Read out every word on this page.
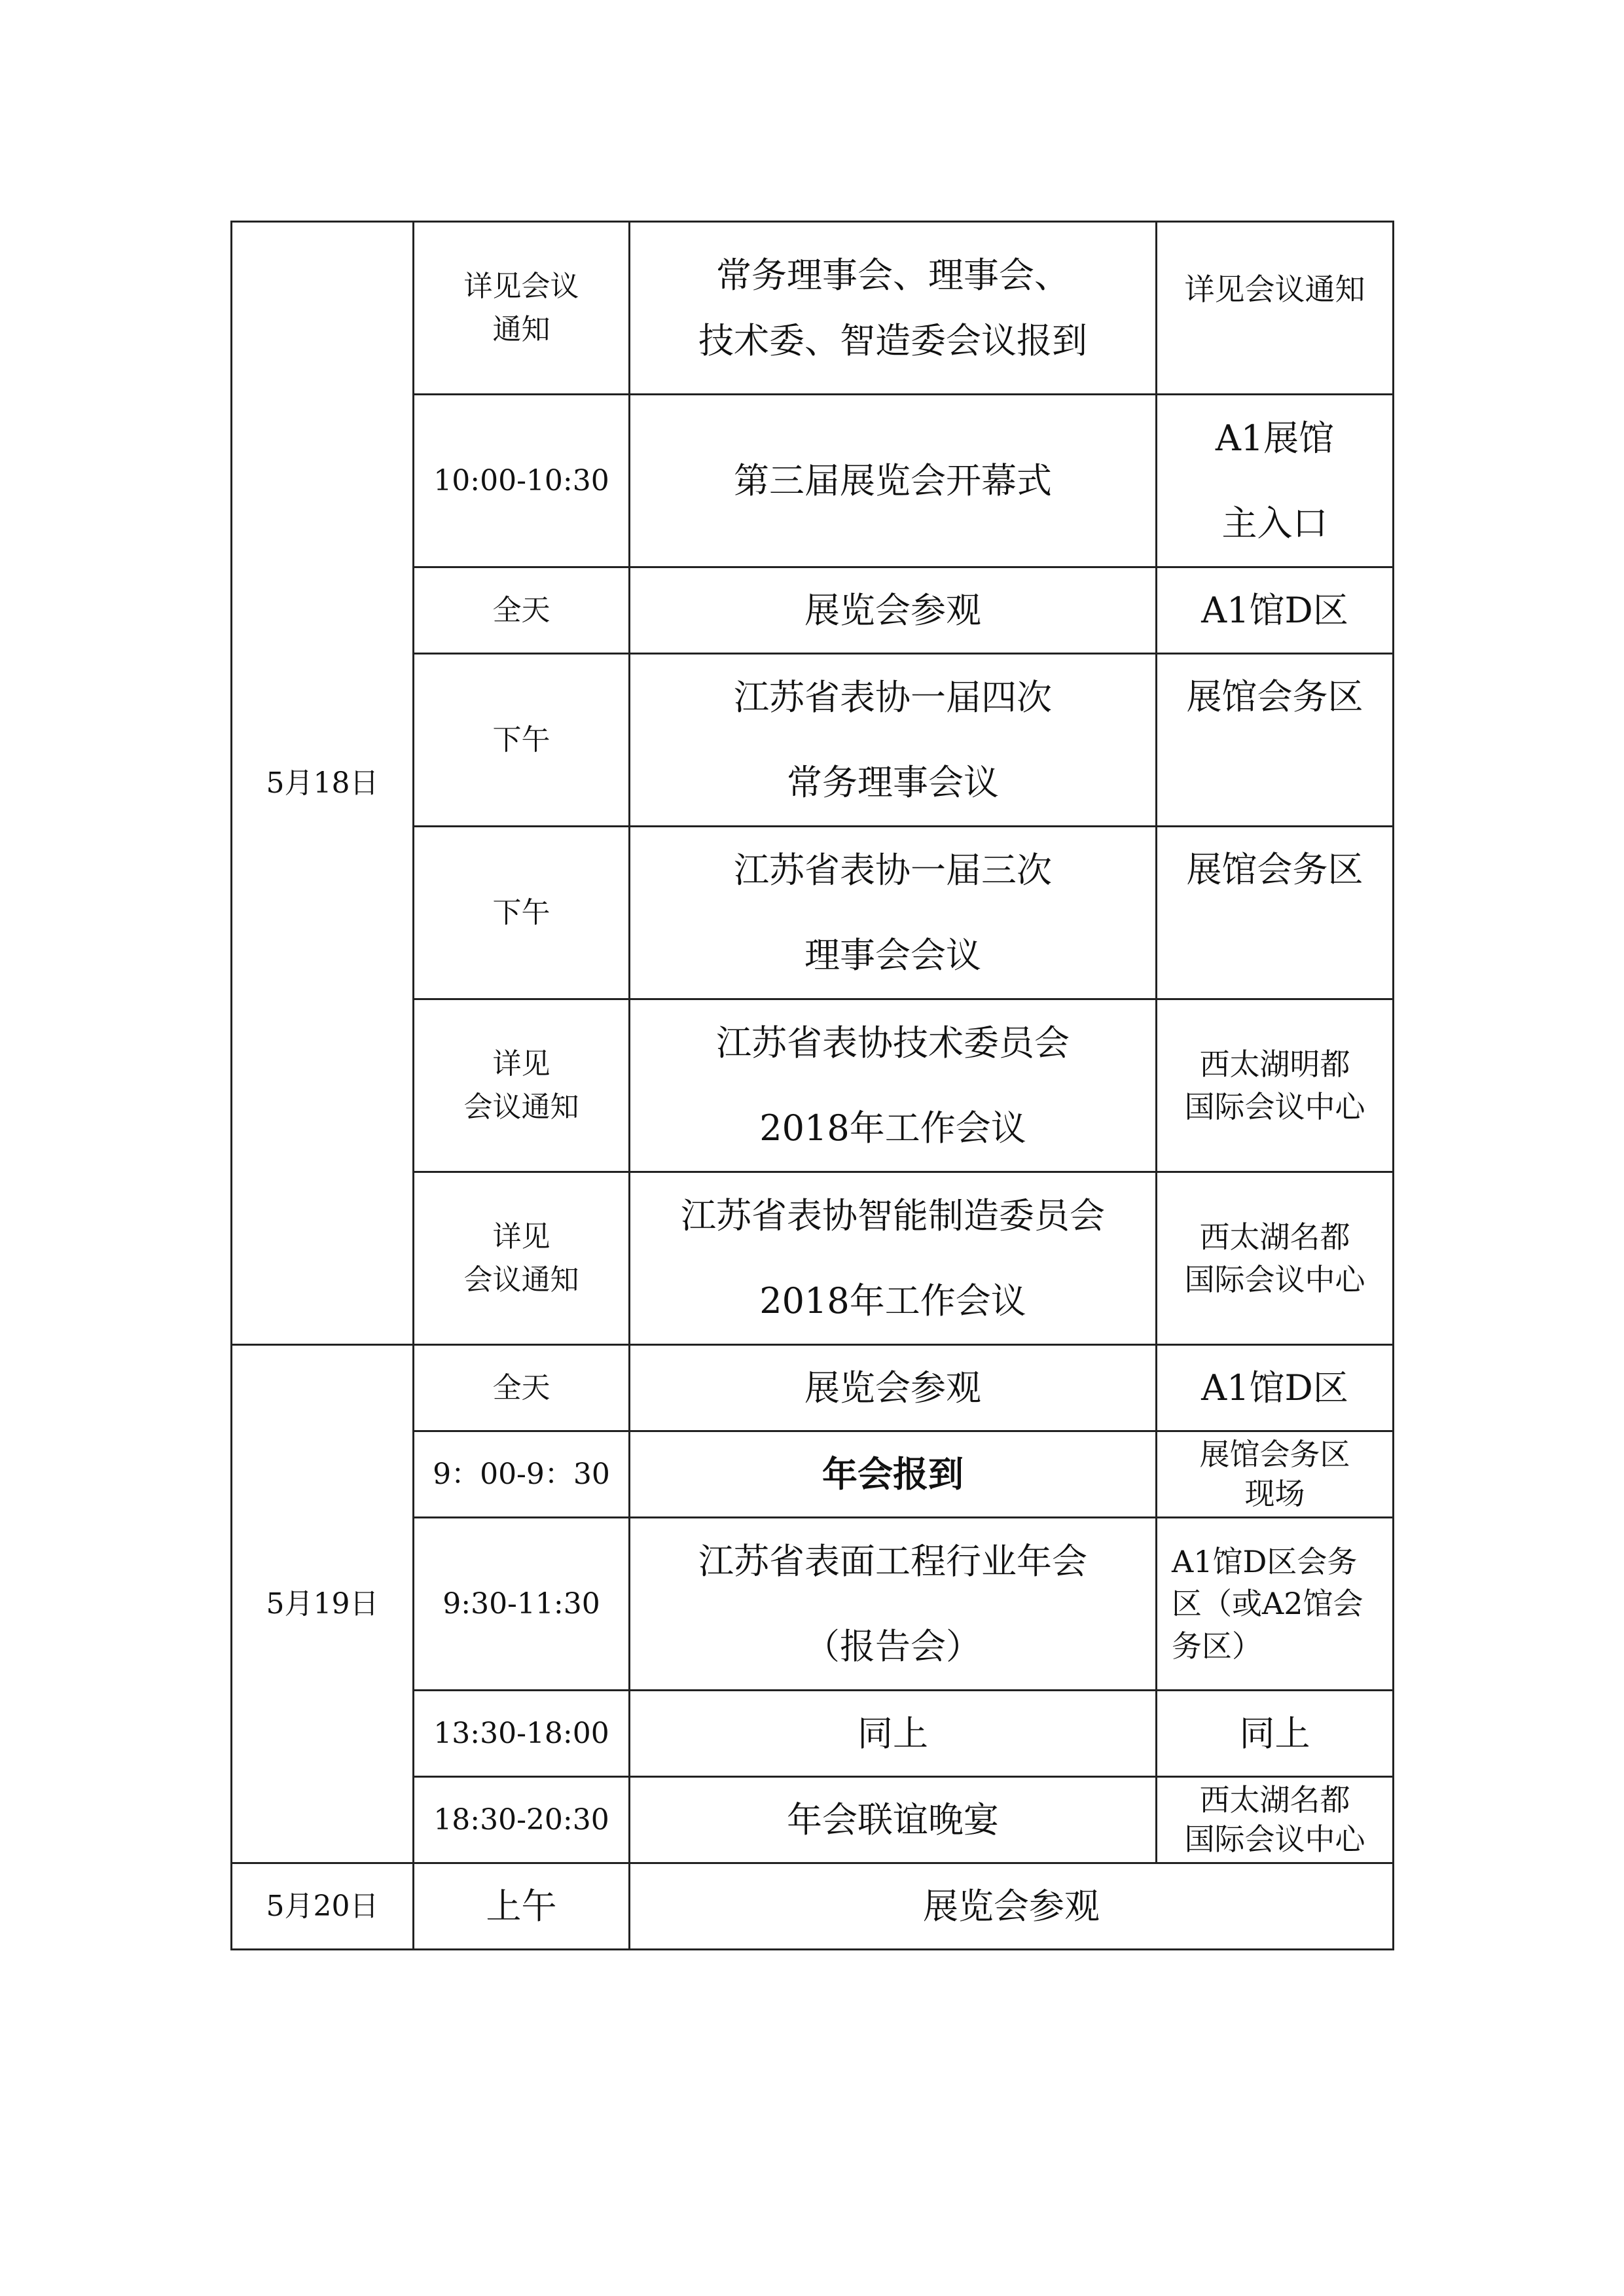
5月18日	详见会议
通知	常务理事会、理事会、
技术委、智造委会议报到	详见会议通知

	10:00-10:30	第三届展览会开幕式	A1展馆
主入口

	全天	展览会参观	A1馆D区

	下午	江苏省表协一届四次
常务理事会议	展馆会务区

	下午	江苏省表协一届三次
理事会会议	展馆会务区

	详见
会议通知	江苏省表协技术委员会
2018年工作会议	西太湖明都
国际会议中心

	详见
会议通知	江苏省表协智能制造委员会
2018年工作会议	西太湖名都
国际会议中心

5月19日	全天	展览会参观	A1馆D区

	9：00-9：30	年会报到	展馆会务区
现场

	9:30-11:30	江苏省表面工程行业年会
（报告会）	A1馆D区会务
区（或A2馆会
务区）

	13:30-18:00	同上	同上

	18:30-20:30	年会联谊晚宴	西太湖名都
国际会议中心

5月20日	上午	展览会参观	
